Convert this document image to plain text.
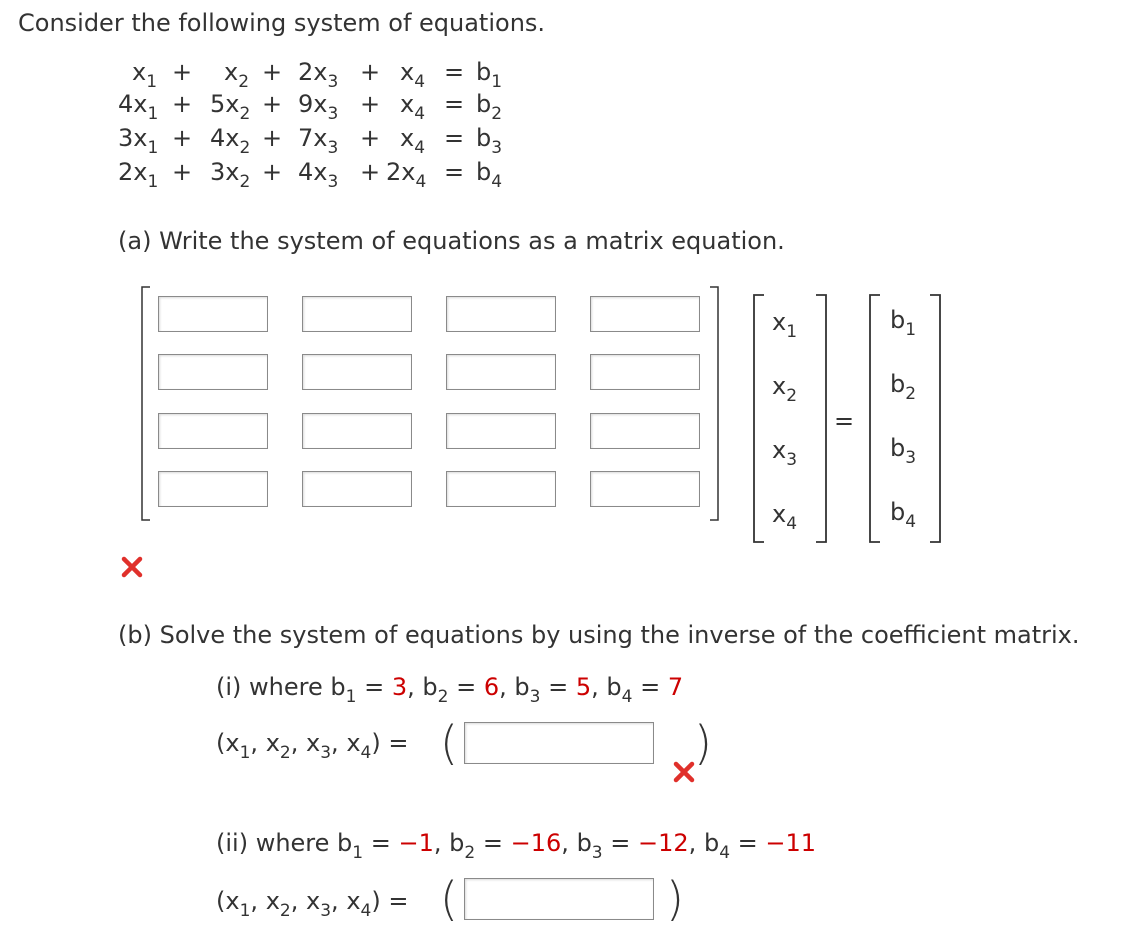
Consider the following system of equations.
$x_1 + x_2 + 2x_3 + x_4 = b_1$
$4x_1 + 5x_2 + 9x_3 + x_4 = b_2$
$3x_1 + 4x_2 + 7x_3 + x_4 = b_3$
$2x_1 + 3x_2 + 4x_3 + 2x_4 = b_4$
(a) Write the system of equations as a matrix equation.
$x_1$
$x_2$
$x_3$
$x_4$
=
$b_1$
$b_2$
$b_3$
$b_4$
(b) Solve the system of equations by using the inverse of the coefficient matrix.
(i) where $b_1 = 3$, $b_2 = 6$, $b_3 = 5$, $b_4 = 7$
($x_1$, $x_2$, $x_3$, $x_4$) = (	)
(ii) where $b_1 = -1$, $b_2 = -16$, $b_3 = -12$, $b_4 = -11$
($x_1$, $x_2$, $x_3$, $x_4$) = (	)
